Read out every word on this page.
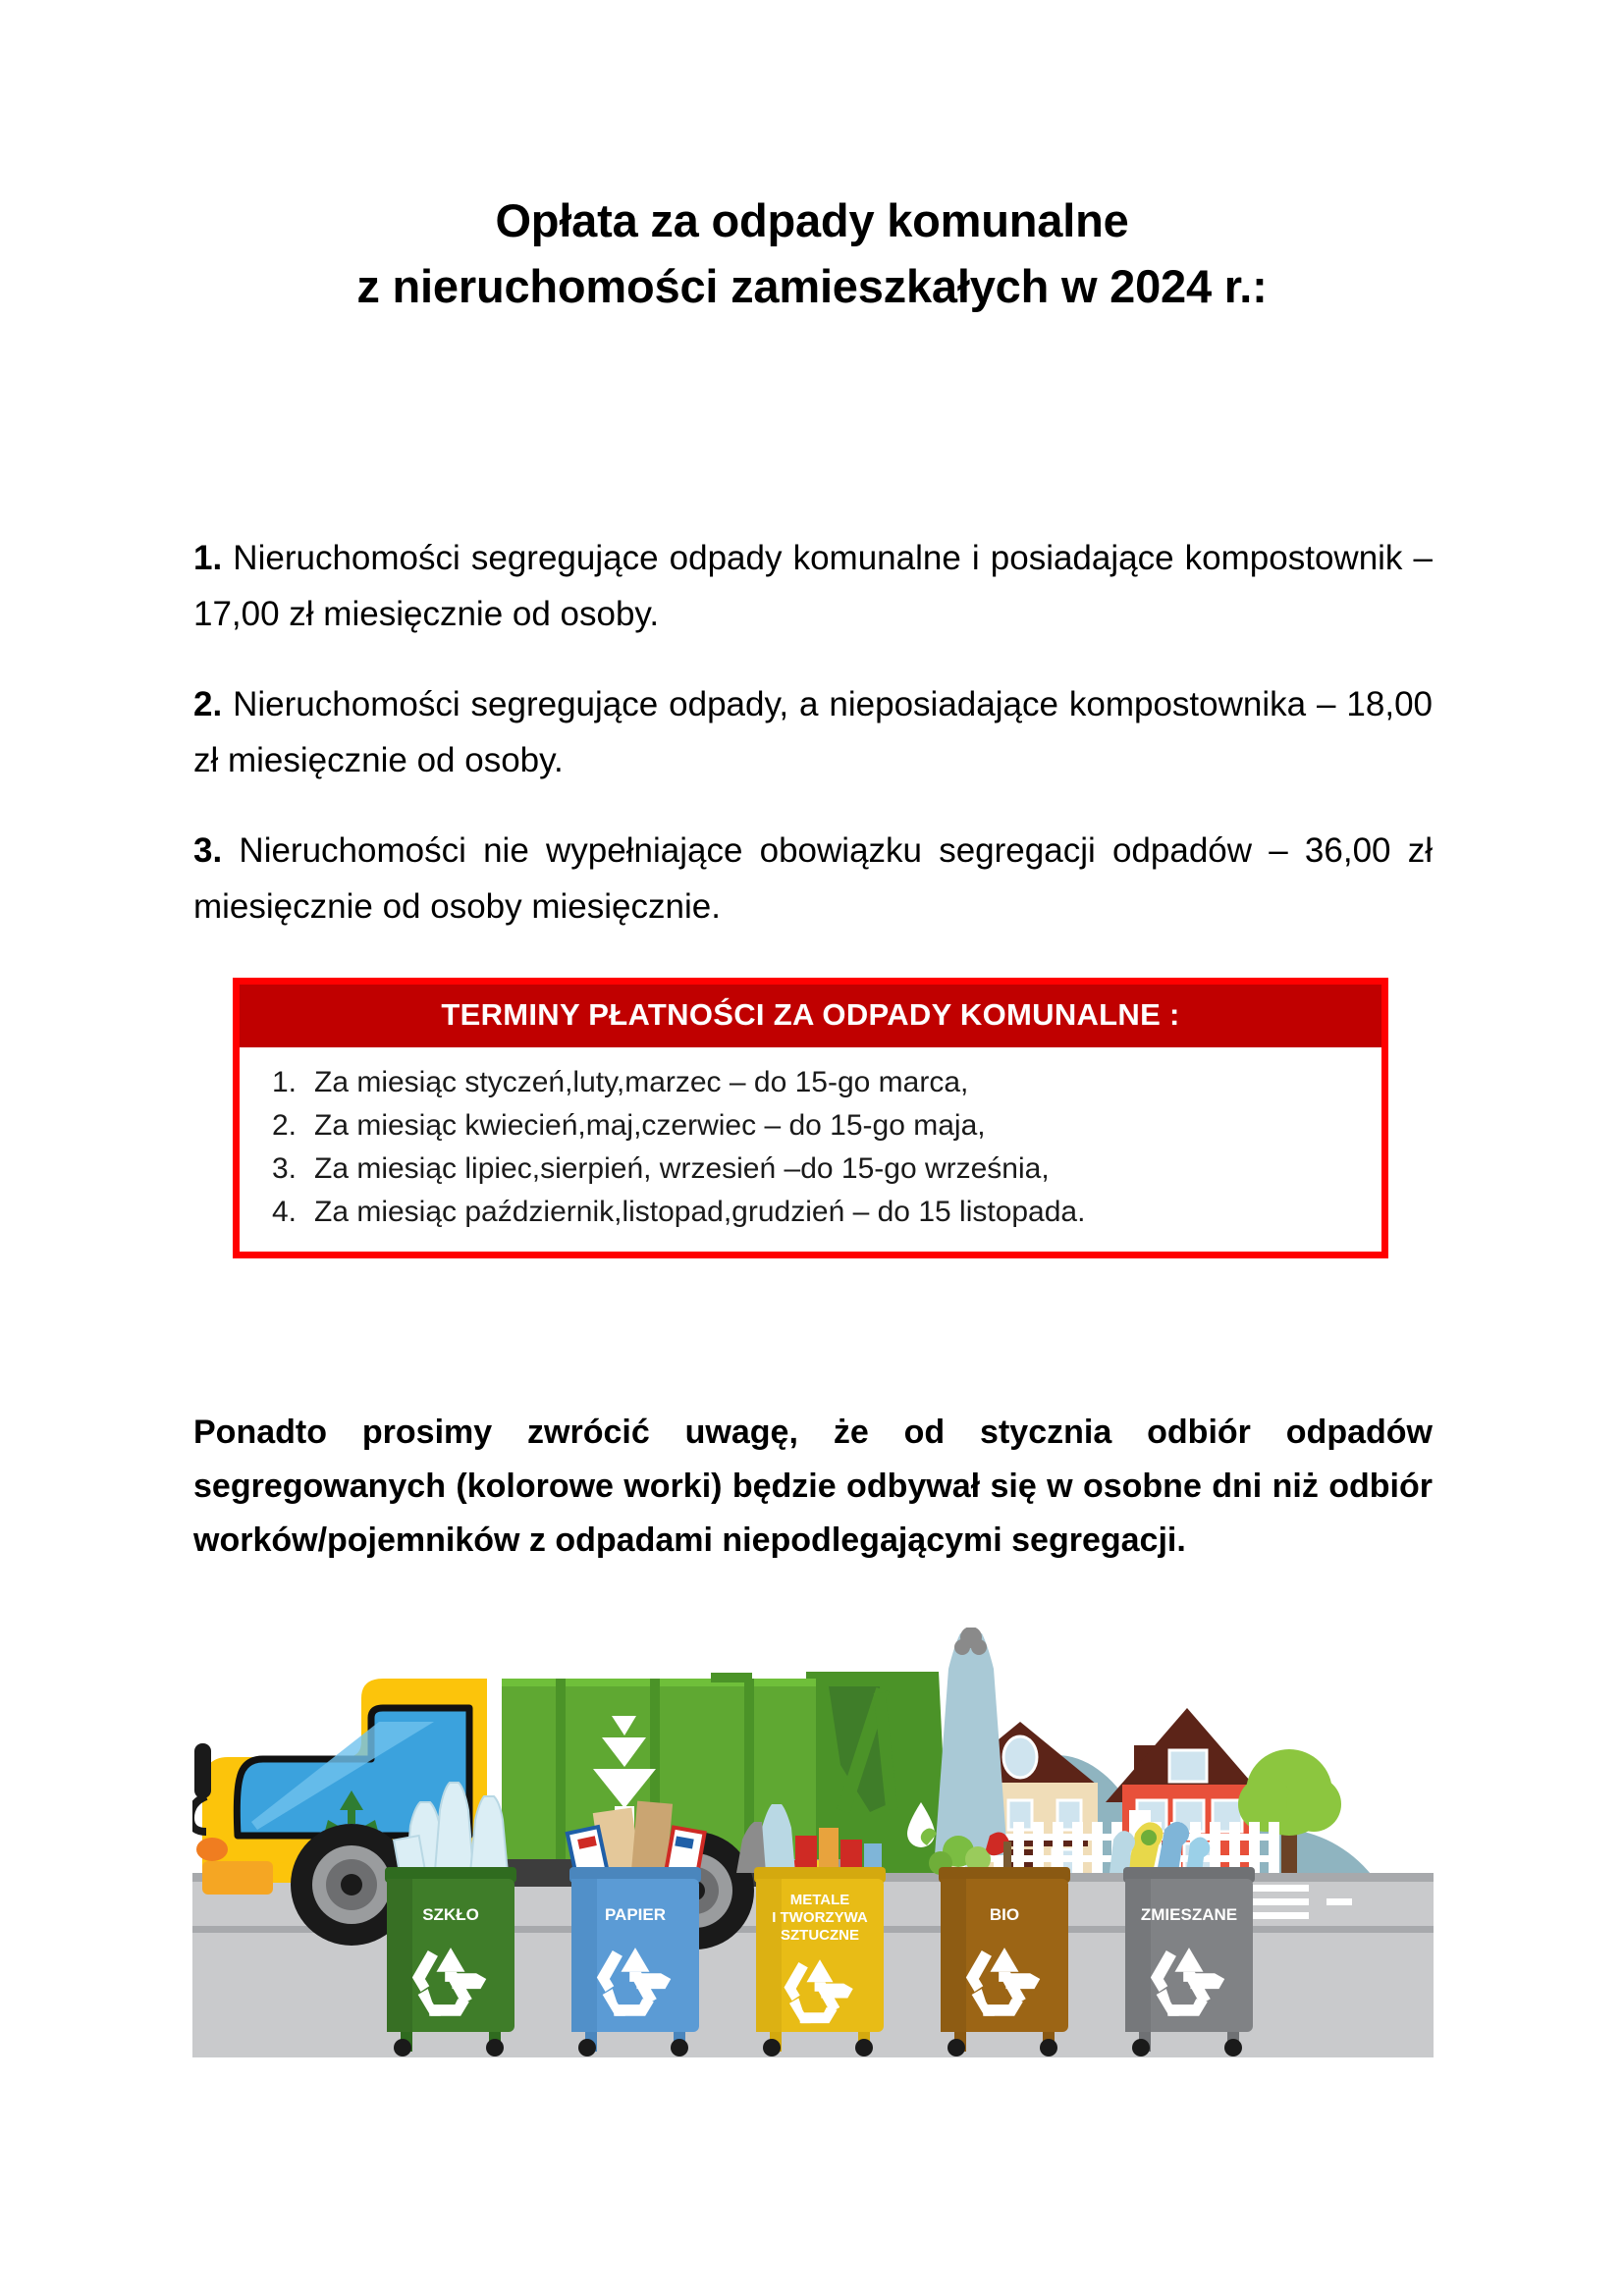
Opłata za odpady komunalne
z nieruchomości zamieszkałych w 2024 r.:

1. Nieruchomości segregujące odpady komunalne i posiadające kompostownik – 17,00 zł miesięcznie od osoby.

2. Nieruchomości segregujące odpady, a nieposiadające kompostownika – 18,00 zł miesięcznie od osoby.

3. Nieruchomości nie wypełniające obowiązku segregacji odpadów – 36,00 zł miesięcznie od osoby miesięcznie.

TERMINY PŁATNOŚCI ZA ODPADY KOMUNALNE :
1. Za miesiąc styczeń,luty,marzec – do 15-go marca,
2. Za miesiąc kwiecień,maj,czerwiec – do 15-go maja,
3. Za miesiąc lipiec,sierpień, wrzesień –do 15-go września,
4. Za miesiąc październik,listopad,grudzień – do 15 listopada.

Ponadto prosimy zwrócić uwagę, że od stycznia odbiór odpadów segregowanych (kolorowe worki) będzie odbywał się w osobne dni niż odbiór worków/pojemników z odpadami niepodlegającymi segregacji.

SZKŁO	PAPIER
METALE
I TWORZYWA
SZTUCZNE
BIO	ZMIESZANE
